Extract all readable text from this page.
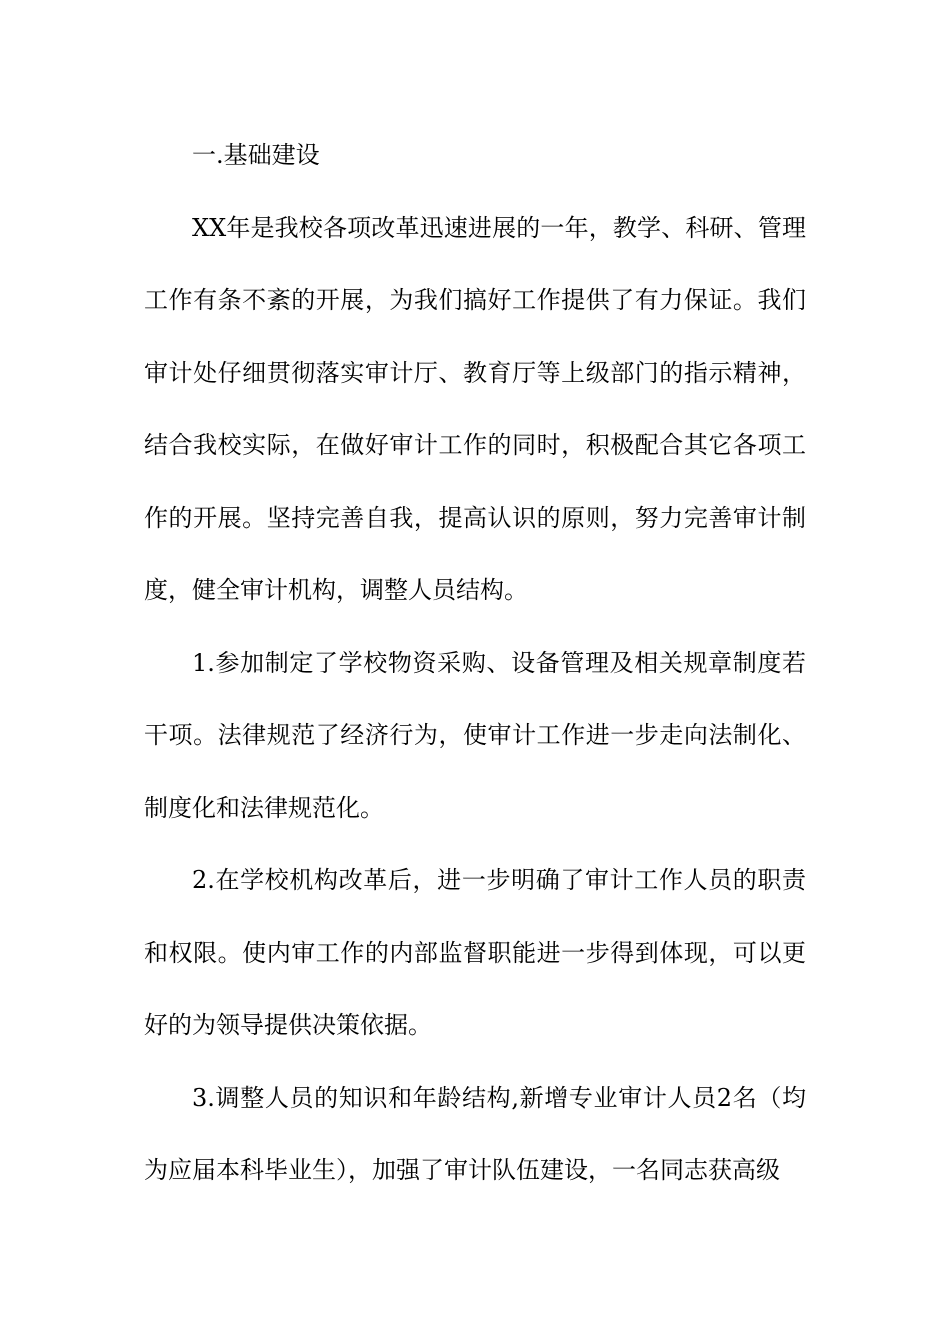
一.基础建设

XX年是我校各项改革迅速进展的一年，教学、科研、管理工作有条不紊的开展，为我们搞好工作提供了有力保证。我们审计处仔细贯彻落实审计厅、教育厅等上级部门的指示精神，结合我校实际，在做好审计工作的同时，积极配合其它各项工作的开展。坚持完善自我，提高认识的原则，努力完善审计制度，健全审计机构，调整人员结构。

1.参加制定了学校物资采购、设备管理及相关规章制度若干项。法律规范了经济行为，使审计工作进一步走向法制化、制度化和法律规范化。

2.在学校机构改革后，进一步明确了审计工作人员的职责和权限。使内审工作的内部监督职能进一步得到体现，可以更好的为领导提供决策依据。

3.调整人员的知识和年龄结构,新增专业审计人员2名（均为应届本科毕业生），加强了审计队伍建设，一名同志获高级
